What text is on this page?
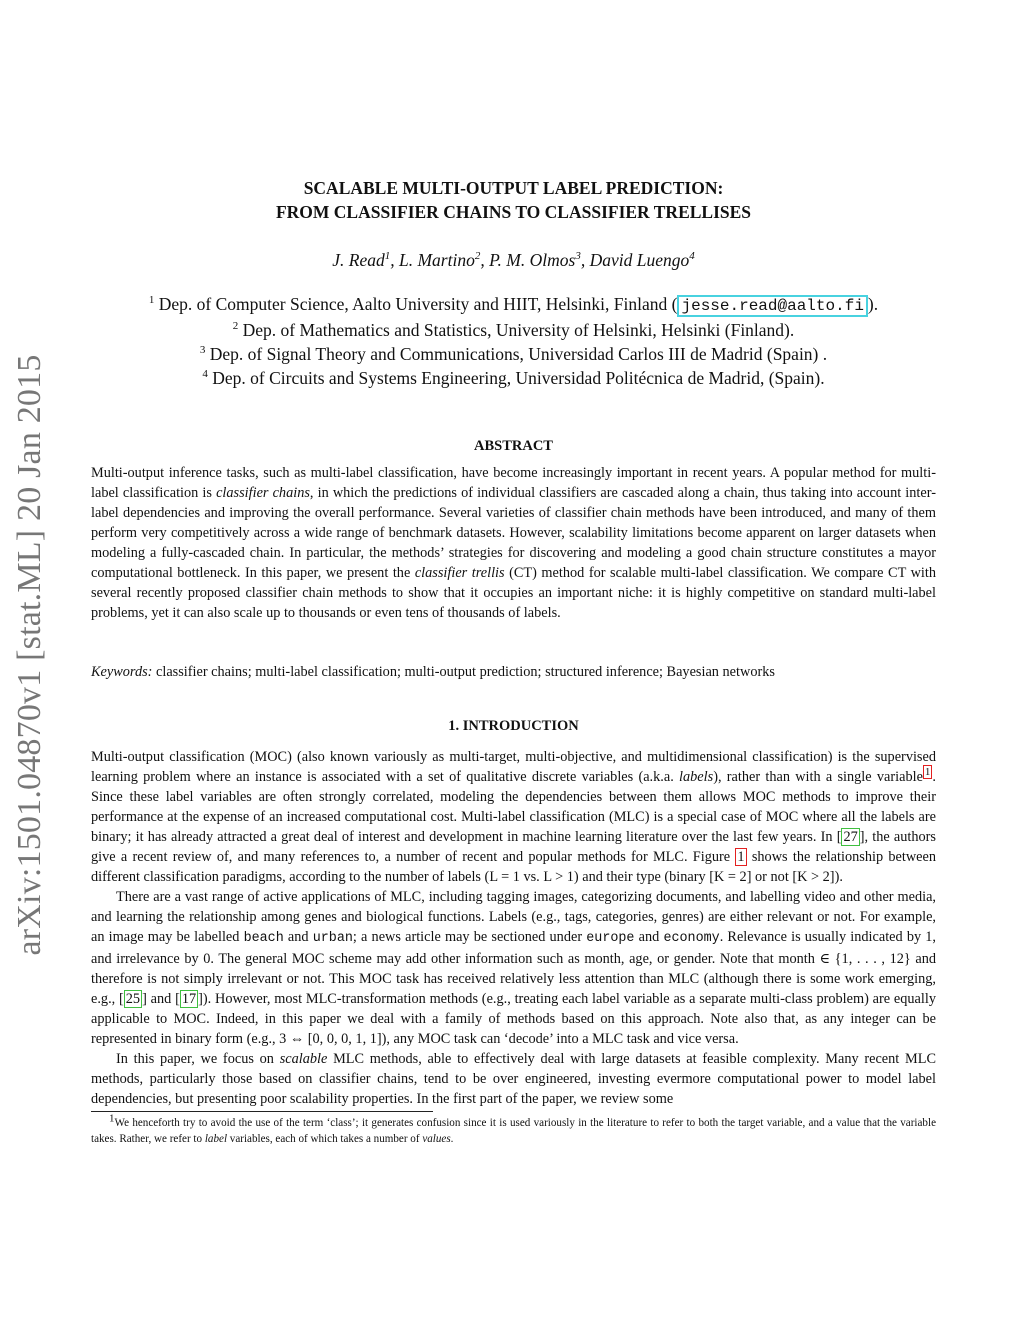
arXiv:1501.04870v1 [stat.ML] 20 Jan 2015
SCALABLE MULTI-OUTPUT LABEL PREDICTION:
FROM CLASSIFIER CHAINS TO CLASSIFIER TRELLISES
J. Read$^1$, L. Martino$^2$, P. M. Olmos$^3$, David Luengo$^4$
$^1$ Dep. of Computer Science, Aalto University and HIIT, Helsinki, Finland ( jesse.read@aalto.fi ).
$^2$ Dep. of Mathematics and Statistics, University of Helsinki, Helsinki (Finland).
$^3$ Dep. of Signal Theory and Communications, Universidad Carlos III de Madrid (Spain) .
$^4$ Dep. of Circuits and Systems Engineering, Universidad Politécnica de Madrid, (Spain).
ABSTRACT

Multi-output inference tasks, such as multi-label classification, have become increasingly important in recent years. A popular method for multi-label classification is classifier chains, in which the predictions of individual classifiers are cascaded along a chain, thus taking into account inter-label dependencies and improving the overall performance. Several varieties of classifier chain methods have been introduced, and many of them perform very competitively across a wide range of benchmark datasets. However, scalability limitations become apparent on larger datasets when modeling a fully-cascaded chain. In particular, the methods’ strategies for discovering and modeling a good chain structure constitutes a mayor computational bottleneck. In this paper, we present the classifier trellis (CT) method for scalable multi-label classification. We compare CT with several recently proposed classifier chain methods to show that it occupies an important niche: it is highly competitive on standard multi-label problems, yet it can also scale up to thousands or even tens of thousands of labels.

Keywords: classifier chains; multi-label classification; multi-output prediction; structured inference; Bayesian networks

1. INTRODUCTION

Multi-output classification (MOC) (also known variously as multi-target, multi-objective, and multidimensional classification) is the supervised learning problem where an instance is associated with a set of qualitative discrete variables (a.k.a. labels), rather than with a single variable $^1$ . Since these label variables are often strongly correlated, modeling the dependencies between them allows MOC methods to improve their performance at the expense of an increased computational cost. Multi-label classification (MLC) is a special case of MOC where all the labels are binary; it has already attracted a great deal of interest and development in machine learning literature over the last few years. In [ 27 ], the authors give a recent review of, and many references to, a number of recent and popular methods for MLC. Figure 1 shows the relationship between different classification paradigms, according to the number of labels (L = 1 vs. L > 1) and their type (binary [K = 2] or not [K > 2]).

There are a vast range of active applications of MLC, including tagging images, categorizing documents, and labelling video and other media, and learning the relationship among genes and biological functions. Labels (e.g., tags, categories, genres) are either relevant or not. For example, an image may be labelled beach and urban; a news article may be sectioned under europe and economy. Relevance is usually indicated by 1, and irrelevance by 0. The general MOC scheme may add other information such as month, age, or gender. Note that month ∈ {1, . . . , 12} and therefore is not simply irrelevant or not. This MOC task has received relatively less attention than MLC (although there is some work emerging, e.g., [ 25 ] and [ 17 ]). However, most MLC-transformation methods (e.g., treating each label variable as a separate multi-class problem) are equally applicable to MOC. Indeed, in this paper we deal with a family of methods based on this approach. Note also that, as any integer can be represented in binary form (e.g., 3 ⇔ [0, 0, 0, 1, 1]), any MOC task can ‘decode’ into a MLC task and vice versa.

In this paper, we focus on scalable MLC methods, able to effectively deal with large datasets at feasible complexity. Many recent MLC methods, particularly those based on classifier chains, tend to be over engineered, investing evermore computational power to model label dependencies, but presenting poor scalability properties. In the first part of the paper, we review some

$^1$We henceforth try to avoid the use of the term ‘class’; it generates confusion since it is used variously in the literature to refer to both the target variable, and a value that the variable takes. Rather, we refer to label variables, each of which takes a number of values.
